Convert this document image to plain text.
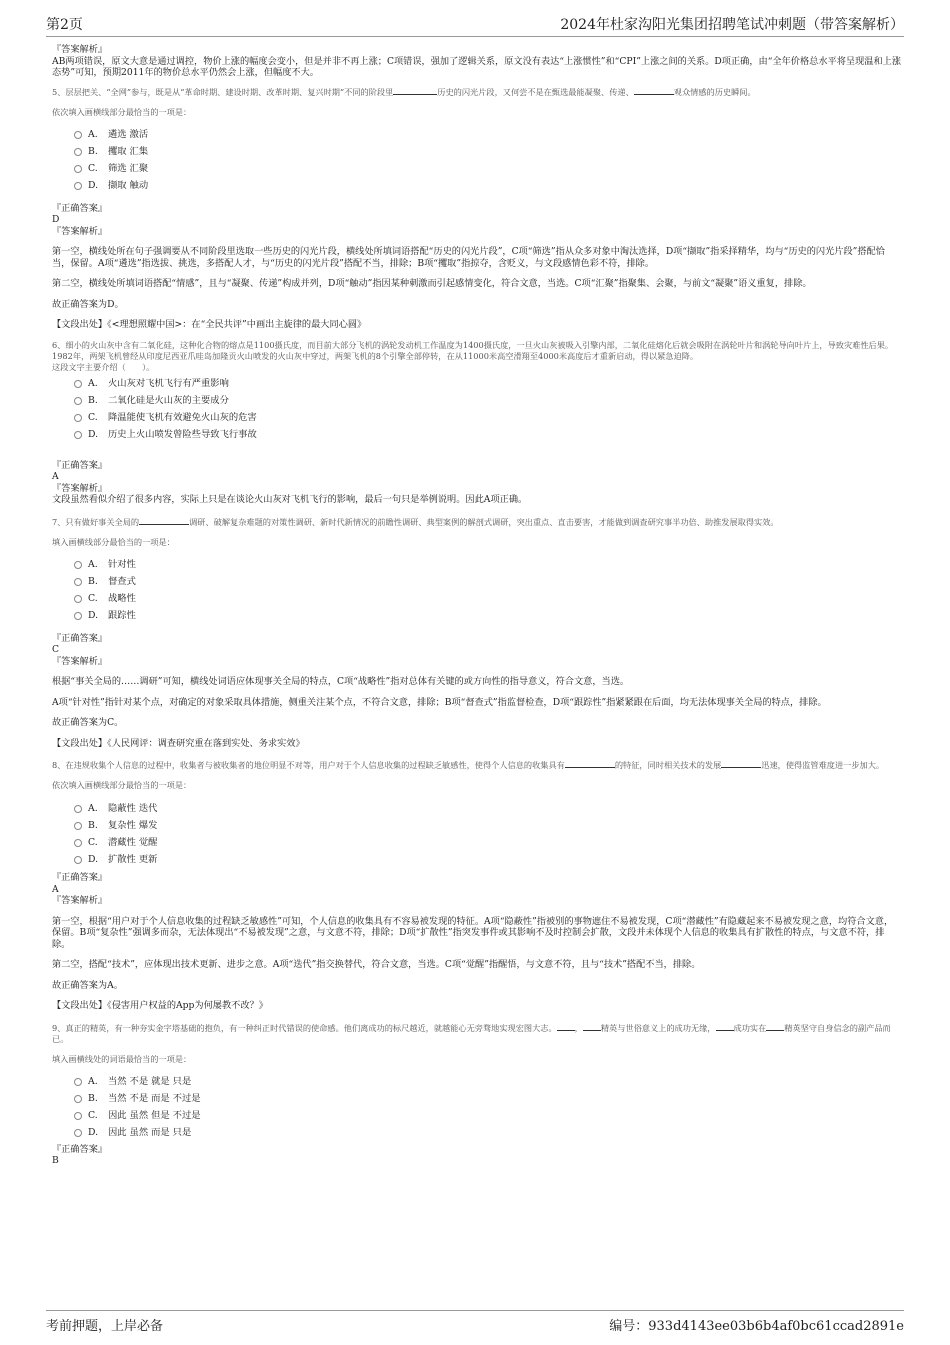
第2页	2024年杜家沟阳光集团招聘笔试冲刺题（带答案解析）

『答案解析』

AB两项错误，原文大意是通过调控，物价上涨的幅度会变小，但是并非不再上涨；C项错误，强加了逻辑关系，原文没有表达“上涨惯性”和“CPI”上涨之间的关系。D项正确，由“全年价格总水平将呈现温和上涨态势”可知，预期2011年的物价总水平仍然会上涨，但幅度不大。

5、层层把关、“全网”参与，既是从“革命时期、建设时期、改革时期、复兴时期”不同的阶段里	历史的闪光片段，又何尝不是在甄选最能凝聚、传递、	观众情感的历史瞬间。

依次填入画横线部分最恰当的一项是：

A.	遴选 激活
B.	攫取 汇集
C.	筛选 汇聚
D.	撷取 触动

『正确答案』

D

『答案解析』

第一空，横线处所在句子强调要从不同阶段里选取一些历史的闪光片段，横线处所填词语搭配“历史的闪光片段”，C项“筛选”指从众多对象中淘汰选择，D项“撷取”指采择精华，均与“历史的闪光片段”搭配恰当，保留。A项“遴选”指选拔、挑选，多搭配人才，与“历史的闪光片段”搭配不当，排除；B项“攫取”指掠夺，含贬义，与文段感情色彩不符，排除。

第二空，横线处所填词语搭配“情感”，且与“凝聚、传递”构成并列，D项“触动”指因某种刺激而引起感情变化，符合文意，当选。C项“汇聚”指聚集、会聚，与前文“凝聚”语义重复，排除。

故正确答案为D。

【文段出处】《<理想照耀中国>：在“全民共评”中画出主旋律的最大同心圆》

6、细小的火山灰中含有二氧化硅，这种化合物的熔点是1100摄氏度，而目前大部分飞机的涡轮发动机工作温度为1400摄氏度，一旦火山灰被吸入引擎内部，二氧化硅熔化后就会吸附在涡轮叶片和涡轮导向叶片上，导致灾难性后果。1982年，两架飞机曾经从印度尼西亚爪哇岛加隆贡火山喷发的火山灰中穿过，两架飞机的8个引擎全部停转，在从11000米高空滑翔至4000米高度后才重新启动，得以紧急迫降。

这段文字主要介绍（　　）。

A.	火山灰对飞机飞行有严重影响
B.	二氧化硅是火山灰的主要成分
C.	降温能使飞机有效避免火山灰的危害
D.	历史上火山喷发曾险些导致飞行事故

『正确答案』

A

『答案解析』

文段虽然看似介绍了很多内容，实际上只是在谈论火山灰对飞机飞行的影响，最后一句只是举例说明。因此A项正确。

7、只有做好事关全局的	调研、破解复杂难题的对策性调研、新时代新情况的前瞻性调研、典型案例的解剖式调研，突出重点、直击要害，才能做到调查研究事半功倍、助推发展取得实效。

填入画横线部分最恰当的一项是：

A.	针对性
B.	督查式
C.	战略性
D.	跟踪性

『正确答案』

C

『答案解析』

根据“事关全局的……调研”可知，横线处词语应体现事关全局的特点，C项“战略性”指对总体有关键的或方向性的指导意义，符合文意，当选。

A项“针对性”指针对某个点，对确定的对象采取具体措施，侧重关注某个点，不符合文意，排除；B项“督查式”指监督检查，D项“跟踪性”指紧紧跟在后面，均无法体现事关全局的特点，排除。

故正确答案为C。

【文段出处】《人民网评：调查研究重在落到实处、务求实效》

8、在违规收集个人信息的过程中，收集者与被收集者的地位明显不对等，用户对于个人信息收集的过程缺乏敏感性，使得个人信息的收集具有	的特征，同时相关技术的发展	迅速，使得监管难度进一步加大。

依次填入画横线部分最恰当的一项是：

A.	隐蔽性 迭代
B.	复杂性 爆发
C.	潜藏性 觉醒
D.	扩散性 更新

『正确答案』

A

『答案解析』

第一空，根据“用户对于个人信息收集的过程缺乏敏感性”可知，个人信息的收集具有不容易被发现的特征。A项“隐蔽性”指被别的事物遮住不易被发现，C项“潜藏性”有隐藏起来不易被发现之意，均符合文意，保留。B项“复杂性”强调多而杂，无法体现出“不易被发现”之意，与文意不符，排除；D项“扩散性”指突发事件或其影响不及时控制会扩散，文段并未体现个人信息的收集具有扩散性的特点，与文意不符，排除。

第二空，搭配“技术”，应体现出技术更新、进步之意。A项“迭代”指交换替代，符合文意，当选。C项“觉醒”指醒悟，与文意不符，且与“技术”搭配不当，排除。

故正确答案为A。

【文段出处】《侵害用户权益的App为何屡教不改？》

9、真正的精英，有一种夯实金字塔基础的抱负，有一种纠正时代错误的使命感。他们离成功的标尺越近，就越能心无旁骛地实现宏图大志。 ， 精英与世俗意义上的成功无缘， 成功实在 精英坚守自身信念的副产品而已。

填入画横线处的词语最恰当的一项是：

A.	当然 不是 就是 只是
B.	当然 不是 而是 不过是
C.	因此 虽然 但是 不过是
D.	因此 虽然 而是 只是

『正确答案』

B

考前押题，上岸必备	编号：933d4143ee03b6b4af0bc61ccad2891e
